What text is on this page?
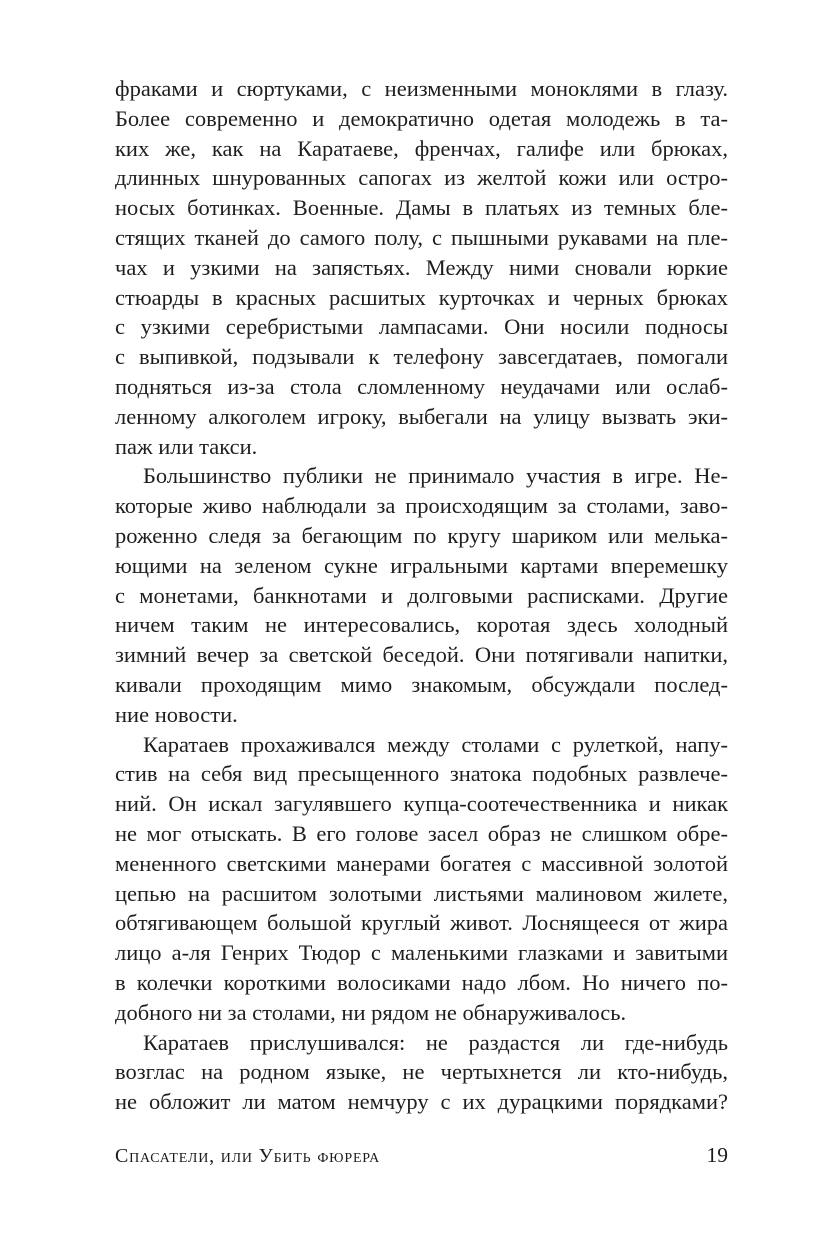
фраками и сюртуками, с неизменными моноклями в глазу.
Более современно и демократично одетая молодежь в та-
ких же, как на Каратаеве, френчах, галифе или брюках,
длинных шнурованных сапогах из желтой кожи или остро-
носых ботинках. Военные. Дамы в платьях из темных бле-
стящих тканей до самого полу, с пышными рукавами на пле-
чах и узкими на запястьях. Между ними сновали юркие
стюарды в красных расшитых курточках и черных брюках
с узкими серебристыми лампасами. Они носили подносы
с выпивкой, подзывали к телефону завсегдатаев, помогали
подняться из-за стола сломленному неудачами или ослаб-
ленному алкоголем игроку, выбегали на улицу вызвать эки-
паж или такси.
Большинство публики не принимало участия в игре. Не-
которые живо наблюдали за происходящим за столами, заво-
роженно следя за бегающим по кругу шариком или мелька-
ющими на зеленом сукне игральными картами вперемешку
с монетами, банкнотами и долговыми расписками. Другие
ничем таким не интересовались, коротая здесь холодный
зимний вечер за светской беседой. Они потягивали напитки,
кивали проходящим мимо знакомым, обсуждали послед-
ние новости.
Каратаев прохаживался между столами с рулеткой, напу-
стив на себя вид пресыщенного знатока подобных развлече-
ний. Он искал загулявшего купца-соотечественника и никак
не мог отыскать. В его голове засел образ не слишком обре-
мененного светскими манерами богатея с массивной золотой
цепью на расшитом золотыми листьями малиновом жилете,
обтягивающем большой круглый живот. Лоснящееся от жира
лицо а-ля Генрих Тюдор с маленькими глазками и завитыми
в колечки короткими волосиками надо лбом. Но ничего по-
добного ни за столами, ни рядом не обнаруживалось.
Каратаев прислушивался: не раздастся ли где-нибудь
возглас на родном языке, не чертыхнется ли кто-нибудь,
не обложит ли матом немчуру с их дурацкими порядками?
Спасатели, или Убить фюрера	19
